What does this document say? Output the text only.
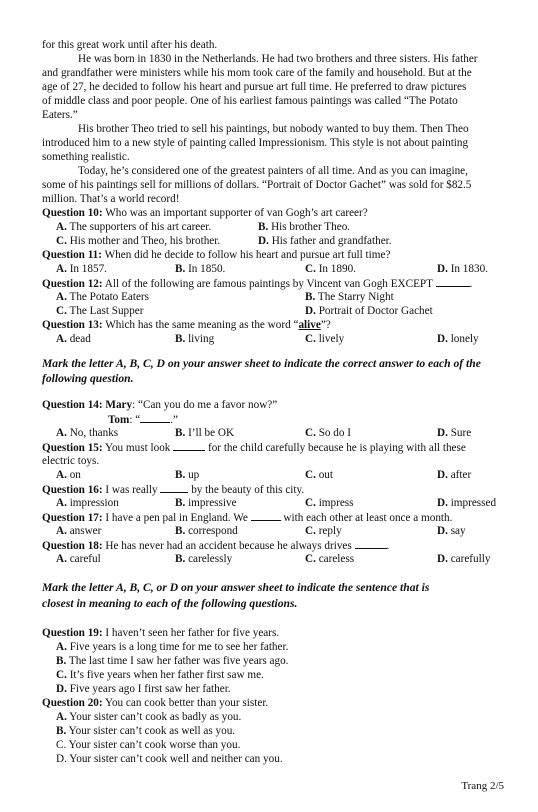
for this great work until after his death.
He was born in 1830 in the Netherlands. He had two brothers and three sisters. His father
and grandfather were ministers while his mom took care of the family and household. But at the
age of 27, he decided to follow his heart and pursue art full time. He preferred to draw pictures
of middle class and poor people. One of his earliest famous paintings was called “The Potato
Eaters.”
His brother Theo tried to sell his paintings, but nobody wanted to buy them. Then Theo
introduced him to a new style of painting called Impressionism. This style is not about painting
something realistic.
Today, he’s considered one of the greatest painters of all time. And as you can imagine,
some of his paintings sell for millions of dollars. “Portrait of Doctor Gachet” was sold for $82.5
million. That’s a world record!
Question 10: Who was an important supporter of van Gogh’s art career?
A. The supporters of his art career.	B. His brother Theo.
C. His mother and Theo, his brother.	D. His father and grandfather.
Question 11: When did he decide to follow his heart and pursue art full time?
A. In 1857.	B. In 1850.	C. In 1890.	D. In 1830.
Question 12: All of the following are famous paintings by Vincent van Gogh EXCEPT	.
A. The Potato Eaters	B. The Starry Night
C. The Last Supper	D. Portrait of Doctor Gachet
Question 13: Which has the same meaning as the word “alive”?
A. dead	B. living	C. lively	D. lonely
Mark the letter A, B, C, D on your answer sheet to indicate the correct answer to each of the
following question.
Question 14: Mary: “Can you do me a favor now?”
Tom: “	.”
A. No, thanks	B. I’ll be OK	C. So do I	D. Sure
Question 15: You must look	for the child carefully because he is playing with all these
electric toys.
A. on	B. up	C. out	D. after
Question 16: I was really	by the beauty of this city.
A. impression	B. impressive	C. impress	D. impressed
Question 17: I have a pen pal in England. We	with each other at least once a month.
A. answer	B. correspond	C. reply	D. say
Question 18: He has never had an accident because he always drives	.
A. careful	B. carelessly	C. careless	D. carefully
Mark the letter A, B, C, or D on your answer sheet to indicate the sentence that is
closest in meaning to each of the following questions.
Question 19: I haven’t seen her father for five years.
A. Five years is a long time for me to see her father.
B. The last time I saw her father was five years ago.
C. It’s five years when her father first saw me.
D. Five years ago I first saw her father.
Question 20: You can cook better than your sister.
A. Your sister can’t cook as badly as you.
B. Your sister can’t cook as well as you.
C. Your sister can’t cook worse than you.
D. Your sister can’t cook well and neither can you.
Trang 2/5
